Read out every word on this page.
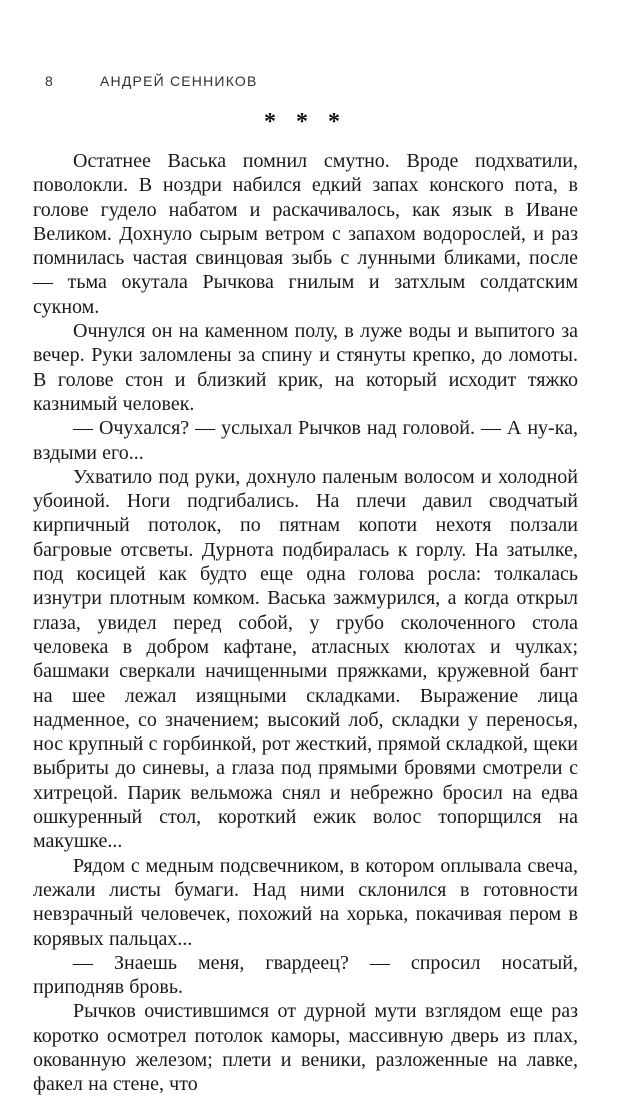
8	АНДРЕЙ СЕННИКОВ
* * *

Остатнее Васька помнил смутно. Вроде подхватили, поволокли. В ноздри набился едкий запах конского пота, в голове гудело набатом и раскачивалось, как язык в Иване Великом. Дохнуло сырым ветром с запахом водорослей, и раз помнилась частая свинцовая зыбь с лунными бликами, после — тьма окутала Рычкова гнилым и затхлым солдатским сукном.

Очнулся он на каменном полу, в луже воды и выпитого за вечер. Руки заломлены за спину и стянуты крепко, до ломоты. В голове стон и близкий крик, на который исходит тяжко казнимый человек.

— Очухался? — услыхал Рычков над головой. — А ну-ка, вздыми его...

Ухватило под руки, дохнуло паленым волосом и холодной убоиной. Ноги подгибались. На плечи давил сводчатый кирпичный потолок, по пятнам копоти нехотя ползали багровые отсветы. Дурнота подбиралась к горлу. На затылке, под косицей как будто еще одна голова росла: толкалась изнутри плотным комком. Васька зажмурился, а когда открыл глаза, увидел перед собой, у грубо сколоченного стола человека в добром кафтане, атласных кюлотах и чулках; башмаки сверкали начищенными пряжками, кружевной бант на шее лежал изящными складками. Выражение лица надменное, со значением; высокий лоб, складки у переносья, нос крупный с горбинкой, рот жесткий, прямой складкой, щеки выбриты до синевы, а глаза под прямыми бровями смотрели с хитрецой. Парик вельможа снял и небрежно бросил на едва ошкуренный стол, короткий ежик волос топорщился на макушке...

Рядом с медным подсвечником, в котором оплывала свеча, лежали листы бумаги. Над ними склонился в готовности невзрачный человечек, похожий на хорька, покачивая пером в корявых пальцах...

— Знаешь меня, гвардеец? — спросил носатый, приподняв бровь.

Рычков очистившимся от дурной мути взглядом еще раз коротко осмотрел потолок каморы, массивную дверь из плах, окованную железом; плети и веники, разложенные на лавке, факел на стене, что
